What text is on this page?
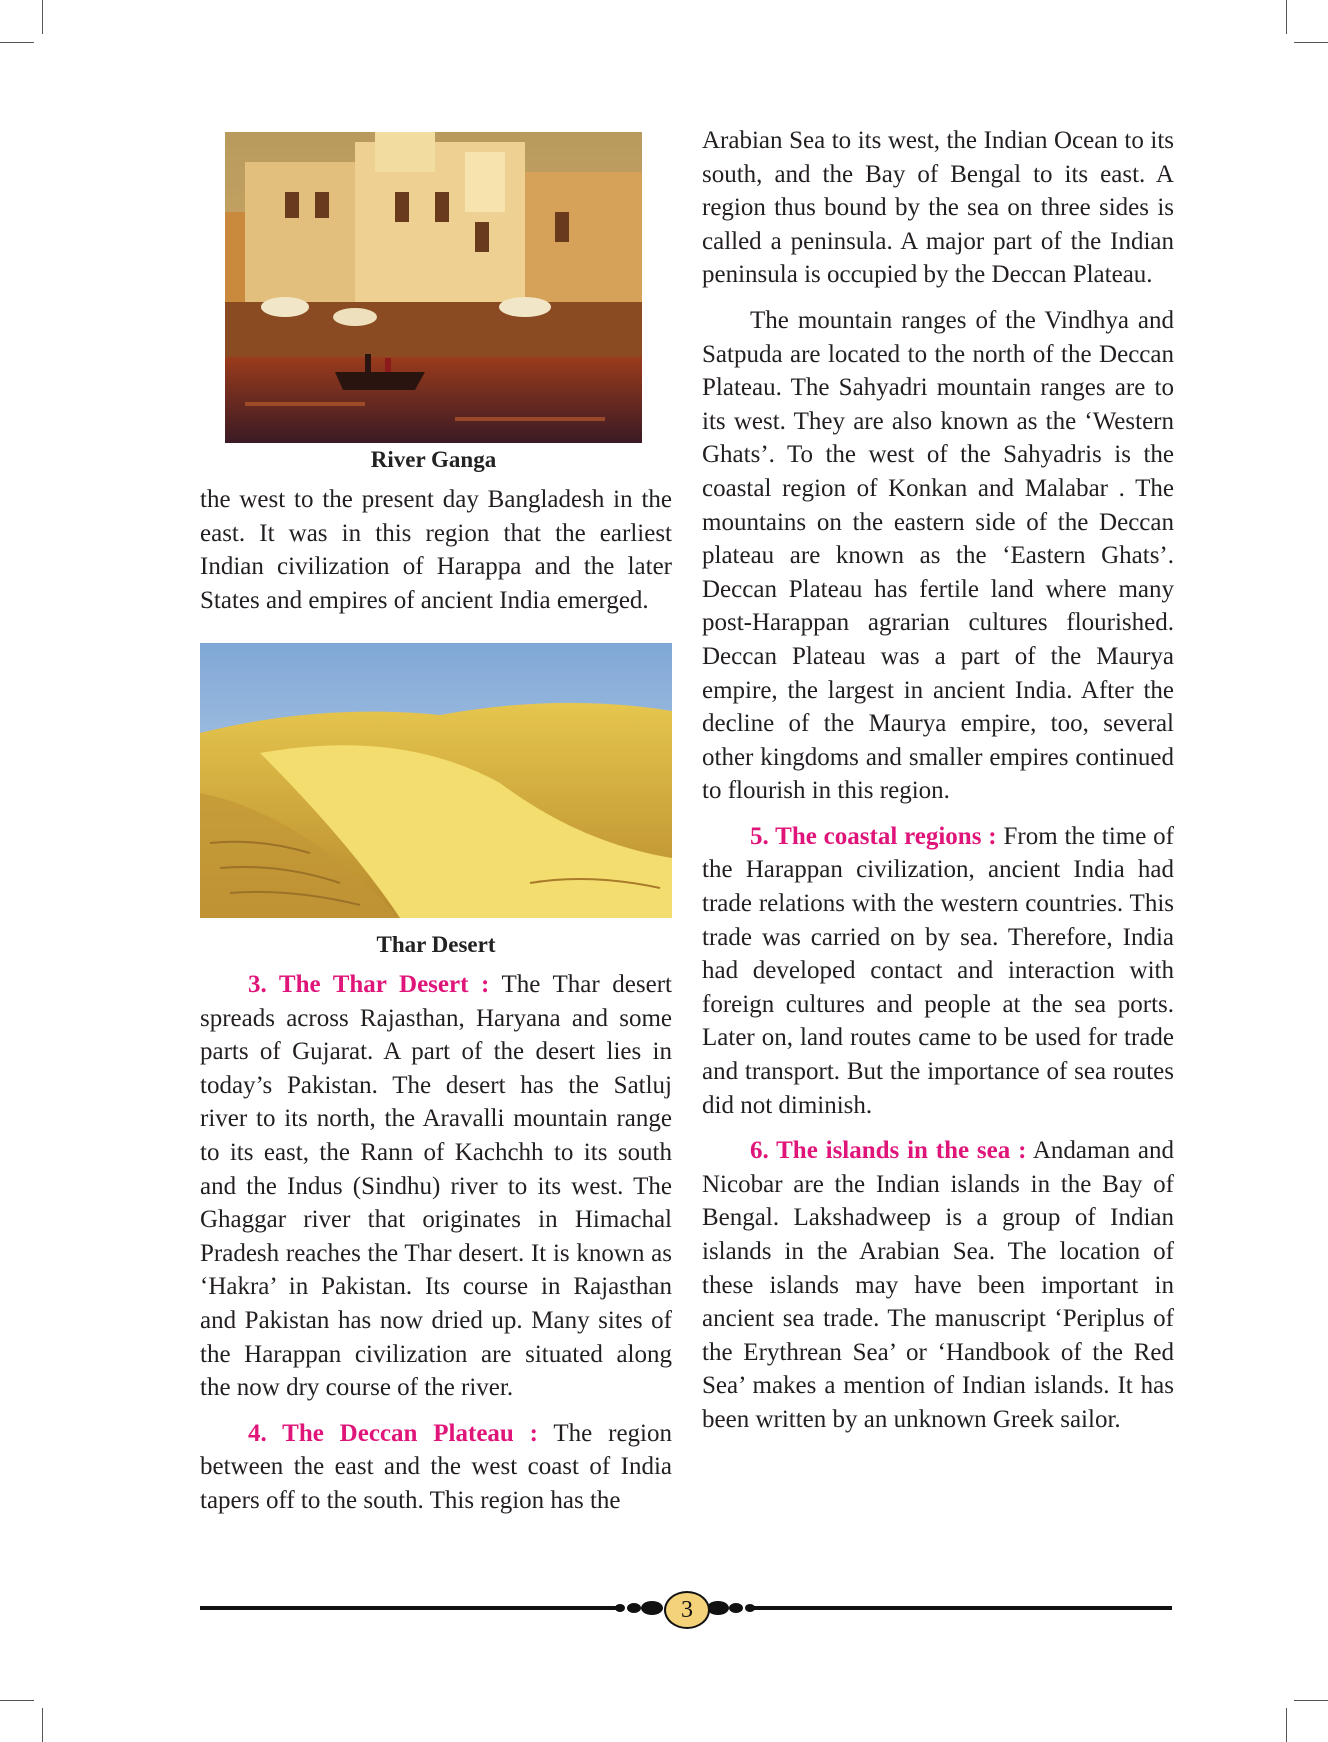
River Ganga

the west to the present day Bangladesh in the east. It was in this region that the earliest Indian civilization of Harappa and the later States and empires of ancient India emerged.

Thar Desert

3. The Thar Desert : The Thar desert spreads across Rajasthan, Haryana and some parts of Gujarat. A part of the desert lies in today’s Pakistan. The desert has the Satluj river to its north, the Aravalli mountain range to its east, the Rann of Kachchh to its south and the Indus (Sindhu) river to its west. The Ghaggar river that originates in Himachal Pradesh reaches the Thar desert. It is known as ‘Hakra’ in Pakistan. Its course in Rajasthan and Pakistan has now dried up. Many sites of the Harappan civilization are situated along the now dry course of the river.

4. The Deccan Plateau : The region between the east and the west coast of India tapers off to the south. This region has the

Arabian Sea to its west, the Indian Ocean to its south, and the Bay of Bengal to its east. A region thus bound by the sea on three sides is called a peninsula. A major part of the Indian peninsula is occupied by the Deccan Plateau.

The mountain ranges of the Vindhya and Satpuda are located to the north of the Deccan Plateau. The Sahyadri mountain ranges are to its west. They are also known as the ‘Western Ghats’. To the west of the Sahyadris is the coastal region of Konkan and Malabar . The mountains on the eastern side of the Deccan plateau are known as the ‘Eastern Ghats’. Deccan Plateau has fertile land where many post-Harappan agrarian cultures flourished. Deccan Plateau was a part of the Maurya empire, the largest in ancient India. After the decline of the Maurya empire, too, several other kingdoms and smaller empires continued to flourish in this region.

5. The coastal regions : From the time of the Harappan civilization, ancient India had trade relations with the western countries. This trade was carried on by sea. Therefore, India had developed contact and interaction with foreign cultures and people at the sea ports. Later on, land routes came to be used for trade and transport. But the importance of sea routes did not diminish.

6. The islands in the sea : Andaman and Nicobar are the Indian islands in the Bay of Bengal. Lakshadweep is a group of Indian islands in the Arabian Sea. The location of these islands may have been important in ancient sea trade. The manuscript ‘Periplus of the Erythrean Sea’ or ‘Handbook of the Red Sea’ makes a mention of Indian islands. It has been written by an unknown Greek sailor.

3
